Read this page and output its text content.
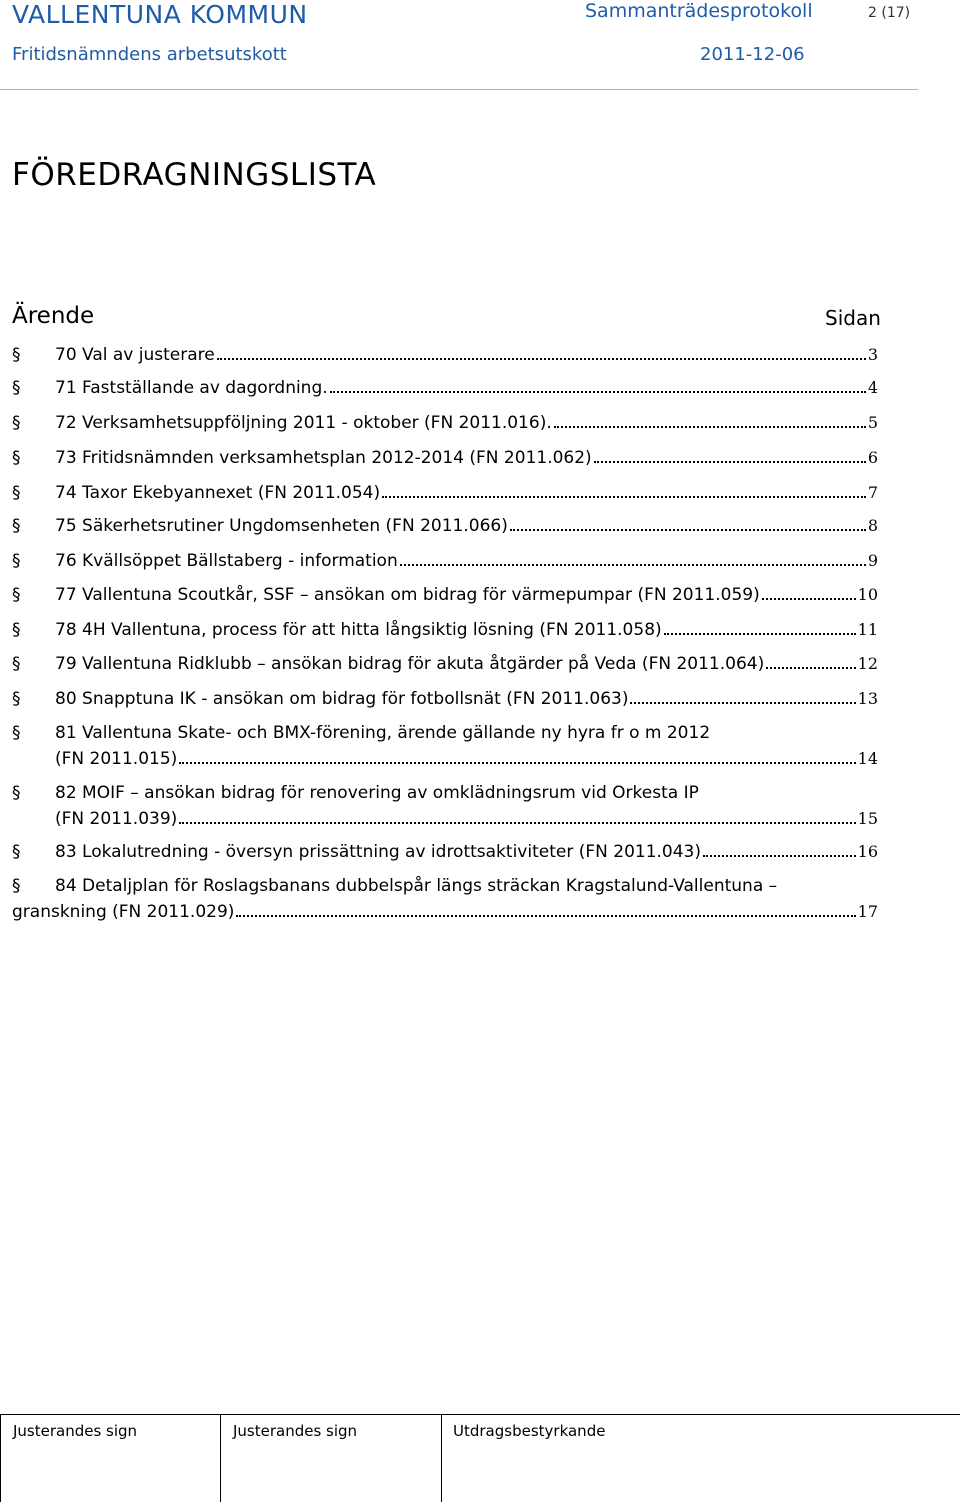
VALLENTUNA KOMMUN	Sammanträdesprotokoll	2 (17)
Fritidsnämndens arbetsutskott	2011-12-06
FÖREDRAGNINGSLISTA
Ärende	Sidan
§	70 Val av justerare	3
§	71 Fastställande av dagordning.	4
§	72 Verksamhetsuppföljning 2011 - oktober (FN 2011.016).	5
§	73 Fritidsnämnden verksamhetsplan 2012-2014 (FN 2011.062)	6
§	74 Taxor Ekebyannexet (FN 2011.054)	7
§	75 Säkerhetsrutiner Ungdomsenheten (FN 2011.066)	8
§	76 Kvällsöppet Bällstaberg - information	9
§	77 Vallentuna Scoutkår, SSF – ansökan om bidrag för värmepumpar (FN 2011.059)	10
§	78 4H Vallentuna, process för att hitta långsiktig lösning (FN 2011.058)	11
§	79 Vallentuna Ridklubb – ansökan bidrag för akuta åtgärder på Veda (FN 2011.064)	12
§	80 Snapptuna IK - ansökan om bidrag för fotbollsnät (FN 2011.063)	13
§	81 Vallentuna Skate- och BMX-förening, ärende gällande ny hyra fr o m 2012
(FN 2011.015)	14
§	82 MOIF – ansökan bidrag för renovering av omklädningsrum vid Orkesta IP
(FN 2011.039)	15
§	83 Lokalutredning - översyn prissättning av idrottsaktiviteter (FN 2011.043)	16
§	84 Detaljplan för Roslagsbanans dubbelspår längs sträckan Kragstalund-Vallentuna –
granskning (FN 2011.029)	17
Justerandes sign	Justerandes sign	Utdragsbestyrkande
